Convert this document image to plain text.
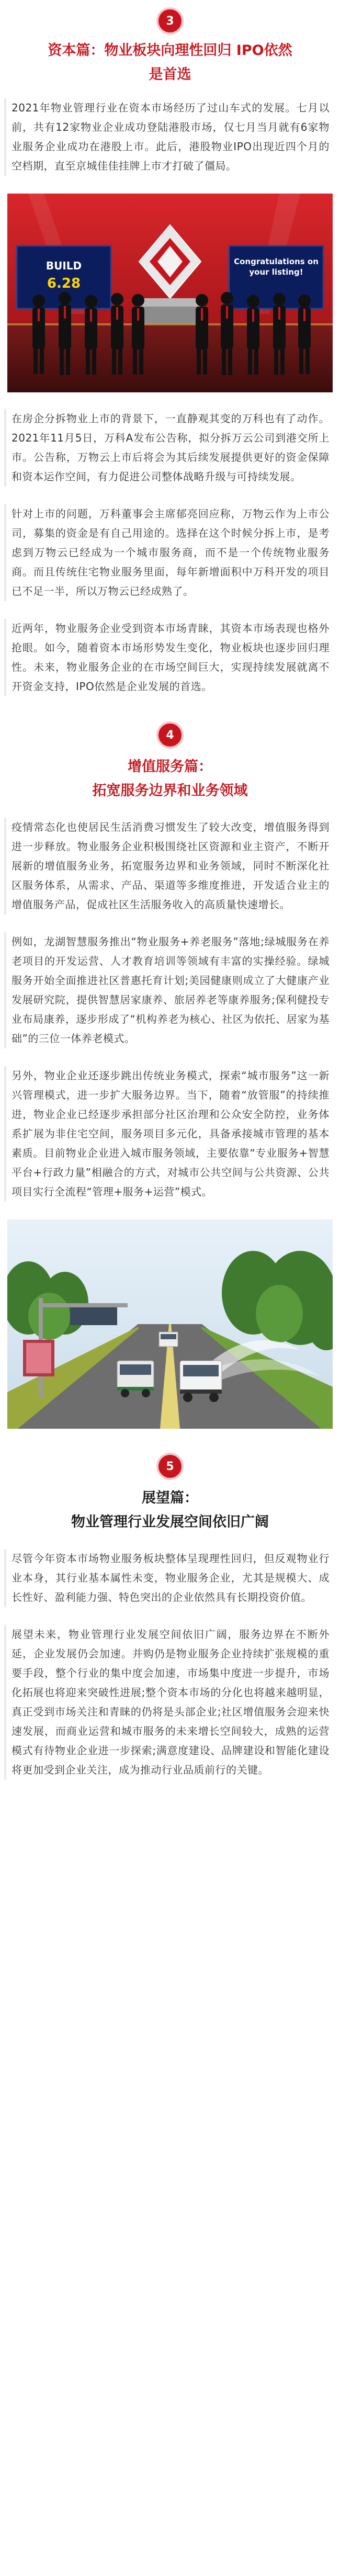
3
资本篇：物业板块向理性回归 IPO依然
是首选

2021年物业管理行业在资本市场经历了过山车式的发展。七月以前，共有12家物业企业成功登陆港股市场，仅七月当月就有6家物业服务企业成功在港股上市。此后，港股物业IPO出现近四个月的空档期，直至京城佳佳挂牌上市才打破了僵局。

BUILD
6.28
Congratulations on your listing!

在房企分拆物业上市的背景下，一直静观其变的万科也有了动作。2021年11月5日，万科A发布公告称，拟分拆万云公司到港交所上市。公告称，万物云上市后将会为其后续发展提供更好的资金保障和资本运作空间，有力促进公司整体战略升级与可持续发展。

针对上市的问题，万科董事会主席郁亮回应称，万物云作为上市公司，募集的资金是有自己用途的。选择在这个时候分拆上市，是考虑到万物云已经成为一个城市服务商，而不是一个传统物业服务商。而且传统住宅物业服务里面，每年新增面积中万科开发的项目已不足一半，所以万物云已经成熟了。

近两年，物业服务企业受到资本市场青睐，其资本市场表现也格外抢眼。如今，随着资本市场形势发生变化，物业板块也逐步回归理性。未来，物业服务企业的在市场空间巨大，实现持续发展就离不开资金支持，IPO依然是企业发展的首选。

4
增值服务篇：
拓宽服务边界和业务领域

疫情常态化也使居民生活消费习惯发生了较大改变，增值服务得到进一步释放。物业服务企业积极围绕社区资源和业主资产，不断开展新的增值服务业务，拓宽服务边界和业务领域，同时不断深化社区服务体系，从需求、产品、渠道等多维度推进，开发适合业主的增值服务产品，促成社区生活服务收入的高质量快速增长。

例如，龙湖智慧服务推出“物业服务+养老服务”落地;绿城服务在养老项目的开发运营、人才教育培训等领域有丰富的实操经验。绿城服务开始全面推进社区普惠托育计划;美园健康则成立了大健康产业发展研究院，提供智慧居家康养、旅居养老等康养服务;保利健投专业布局康养，逐步形成了“机构养老为核心、社区为依托、居家为基础”的三位一体养老模式。

另外，物业企业还逐步跳出传统业务模式，探索“城市服务”这一新兴管理模式，进一步扩大服务边界。当下，随着“放管服”的持续推进，物业企业已经逐步承担部分社区治理和公众安全防控，业务体系扩展为非住宅空间，服务项目多元化，具备承接城市管理的基本素质。目前物业企业进入城市服务领域，主要依靠“专业服务+智慧平台+行政力量”相融合的方式，对城市公共空间与公共资源、公共项目实行全流程“管理+服务+运营”模式。

5
展望篇：
物业管理行业发展空间依旧广阔

尽管今年资本市场物业服务板块整体呈现理性回归，但反观物业行业本身，其行业基本属性未变，物业服务企业，尤其是规模大、成长性好、盈利能力强、特色突出的企业依然具有长期投资价值。

展望未来，物业管理行业发展空间依旧广阔，服务边界在不断外延，企业发展仍会加速。并购仍是物业服务企业持续扩张规模的重要手段，整个行业的集中度会加速，市场集中度进一步提升，市场化拓展也将迎来突破性进展;整个资本市场的分化也将越来越明显，真正受到市场关注和青睐的仍将是头部企业;社区增值服务会迎来快速发展，而商业运营和城市服务的未来增长空间较大，成熟的运营模式有待物业企业进一步探索;满意度建设、品牌建设和智能化建设将更加受到企业关注，成为推动行业品质前行的关键。
